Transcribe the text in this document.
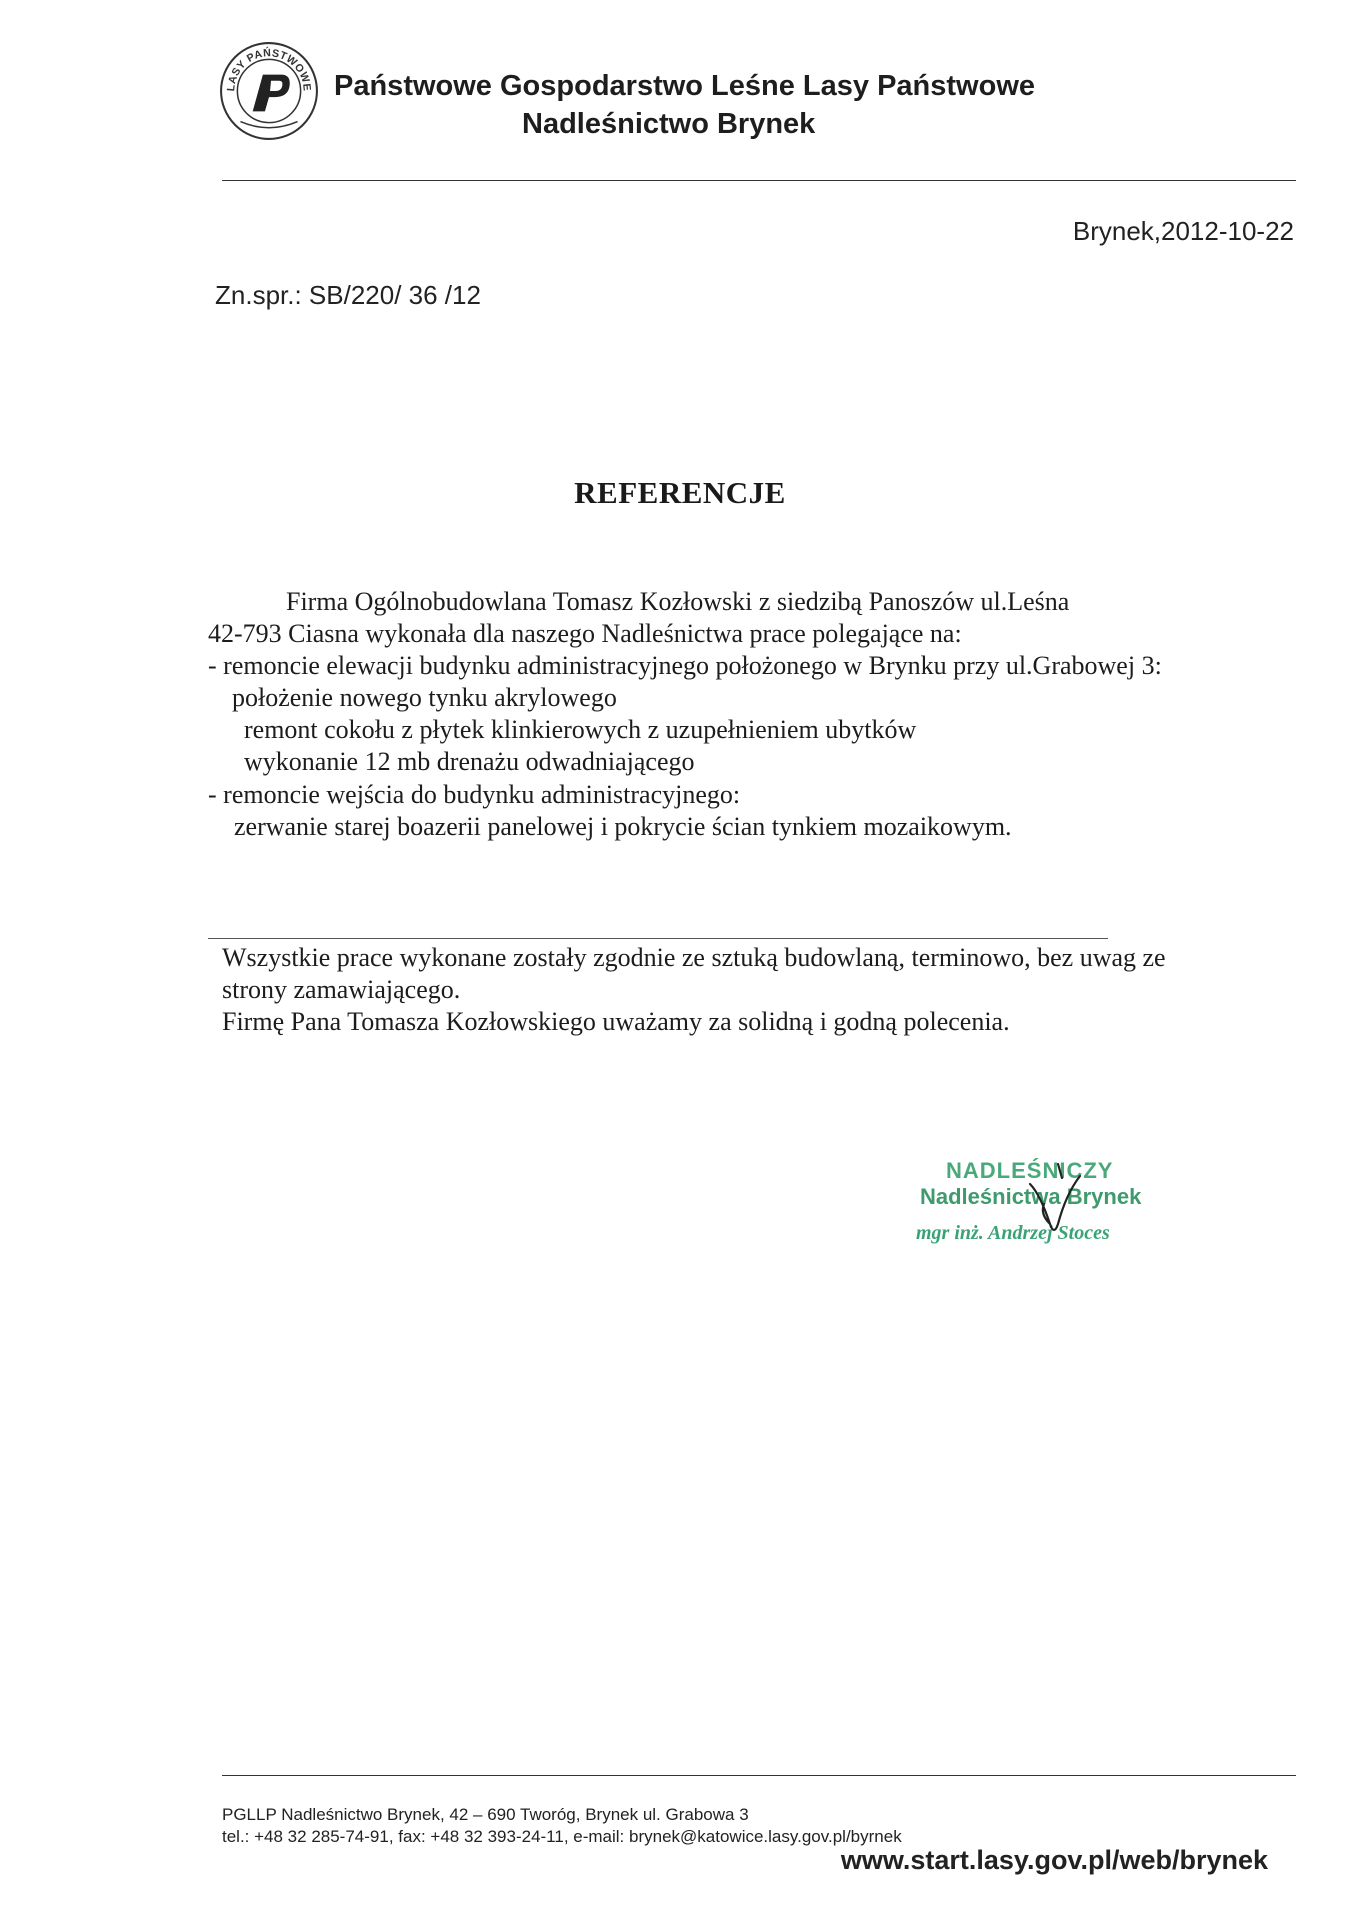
LASY PAŃSTWOWE Państwowe Gospodarstwo Leśne Lasy Państwowe
Nadleśnictwo Brynek
Brynek,2012-10-22
Zn.spr.: SB/220/ 36 /12
REFERENCJE
Firma Ogólnobudowlana Tomasz Kozłowski z siedzibą Panoszów ul.Leśna
42-793 Ciasna wykonała dla naszego Nadleśnictwa prace polegające na:
- remoncie elewacji budynku administracyjnego położonego w Brynku przy ul.Grabowej 3:
położenie nowego tynku akrylowego
remont cokołu z płytek klinkierowych z uzupełnieniem ubytków
wykonanie 12 mb drenażu odwadniającego
- remoncie wejścia do budynku administracyjnego:
zerwanie starej boazerii panelowej i pokrycie ścian tynkiem mozaikowym.
Wszystkie prace wykonane zostały zgodnie ze sztuką budowlaną, terminowo, bez uwag ze
strony zamawiającego.
Firmę Pana Tomasza Kozłowskiego uważamy za solidną i godną polecenia.
NADLEŚNICZY
Nadleśnictwa Brynek
mgr inż. Andrzej Stoces
PGLLP Nadleśnictwo Brynek, 42 – 690 Tworóg, Brynek ul. Grabowa 3
tel.: +48 32 285-74-91, fax: +48 32 393-24-11, e-mail: brynek@katowice.lasy.gov.pl/byrnek
www.start.lasy.gov.pl/web/brynek
